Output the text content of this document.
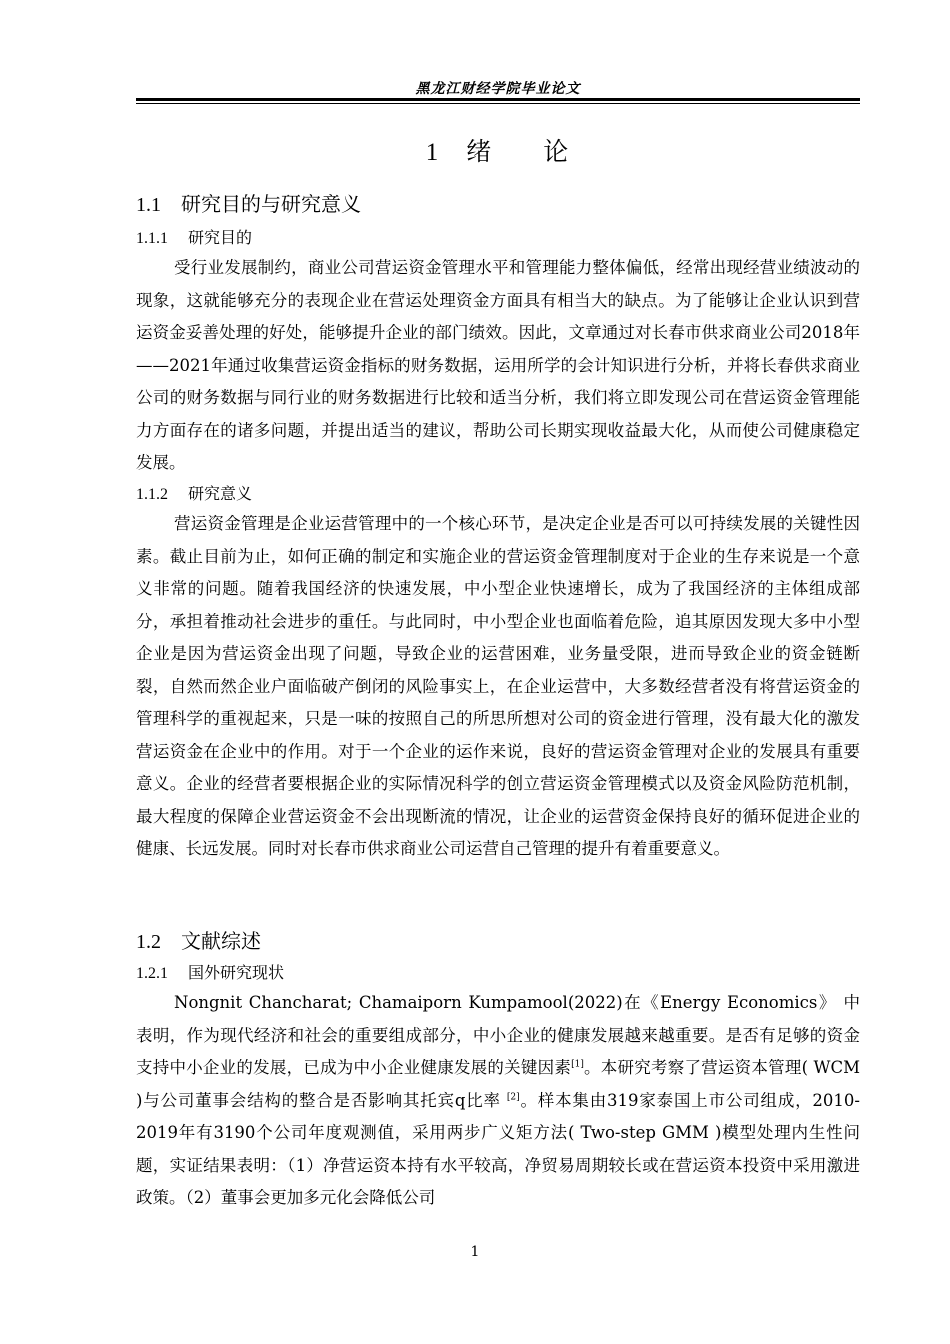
黑龙江财经学院毕业论文
1 绪 论
1.1 研究目的与研究意义
1.1.1 研究目的

受行业发展制约，商业公司营运资金管理水平和管理能力整体偏低，经常出现经营业绩波动的现象，这就能够充分的表现企业在营运处理资金方面具有相当大的缺点。为了能够让企业认识到营运资金妥善处理的好处，能够提升企业的部门绩效。因此，文章通过对长春市供求商业公司2018年——2021年通过收集营运资金指标的财务数据，运用所学的会计知识进行分析，并将长春供求商业公司的财务数据与同行业的财务数据进行比较和适当分析，我们将立即发现公司在营运资金管理能力方面存在的诸多问题，并提出适当的建议，帮助公司长期实现收益最大化，从而使公司健康稳定发展。

1.1.2 研究意义

营运资金管理是企业运营管理中的一个核心环节，是决定企业是否可以可持续发展的关键性因素。截止目前为止，如何正确的制定和实施企业的营运资金管理制度对于企业的生存来说是一个意义非常的问题。随着我国经济的快速发展，中小型企业快速增长，成为了我国经济的主体组成部分，承担着推动社会进步的重任。与此同时，中小型企业也面临着危险，追其原因发现大多中小型企业是因为营运资金出现了问题，导致企业的运营困难，业务量受限，进而导致企业的资金链断裂，自然而然企业户面临破产倒闭的风险事实上，在企业运营中，大多数经营者没有将营运资金的管理科学的重视起来，只是一味的按照自己的所思所想对公司的资金进行管理，没有最大化的激发营运资金在企业中的作用。对于一个企业的运作来说，良好的营运资金管理对企业的发展具有重要意义。企业的经营者要根据企业的实际情况科学的创立营运资金管理模式以及资金风险防范机制，最大程度的保障企业营运资金不会出现断流的情况，让企业的运营资金保持良好的循环促进企业的健康、长远发展。同时对长春市供求商业公司运营自己管理的提升有着重要意义。

1.2 文献综述
1.2.1 国外研究现状

Nongnit Chancharat; Chamaiporn Kumpamool(2022)在《Energy Economics》 中表明，作为现代经济和社会的重要组成部分，中小企业的健康发展越来越重要。是否有足够的资金支持中小企业的发展，已成为中小企业健康发展的关键因素[1]。本研究考察了营运资本管理( WCM )与公司董事会结构的整合是否影响其托宾q比率 [2]。样本集由319家泰国上市公司组成，2010-2019年有3190个公司年度观测值，采用两步广义矩方法( Two-step GMM )模型处理内生性问题，实证结果表明：（1）净营运资本持有水平较高，净贸易周期较长或在营运资本投资中采用激进政策。（2）董事会更加多元化会降低公司

1
